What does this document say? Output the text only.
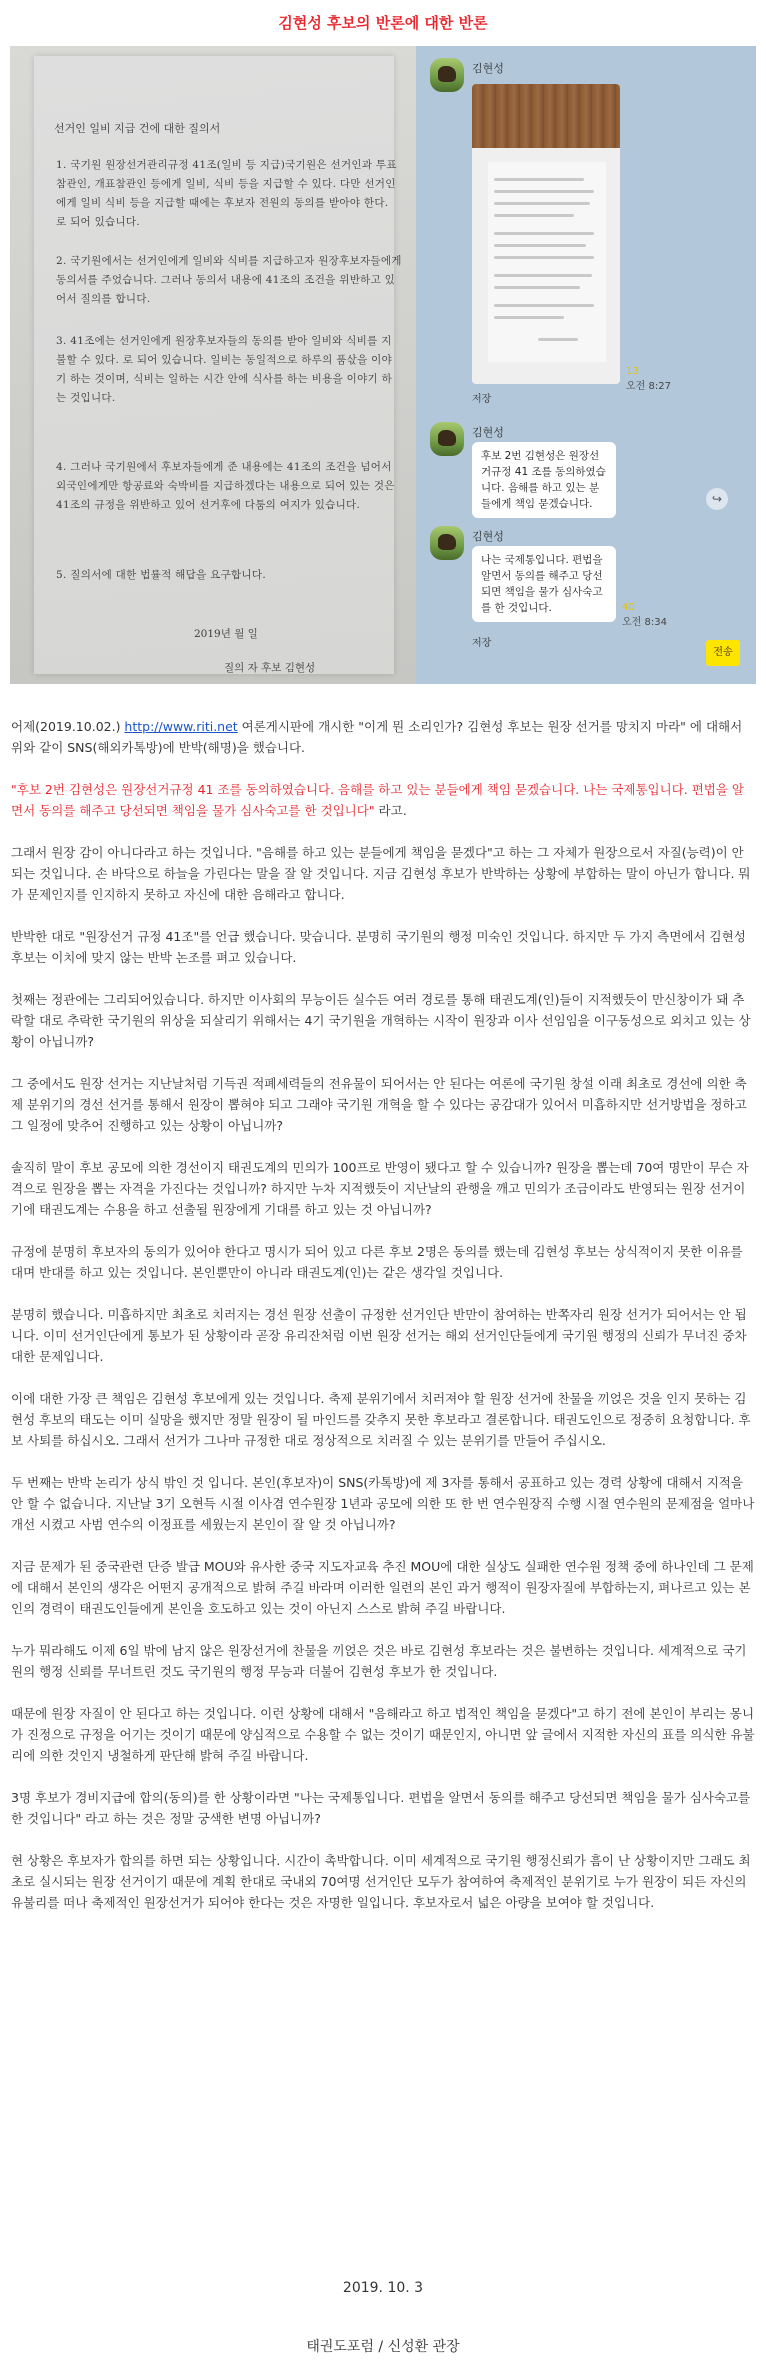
김현성 후보의 반론에 대한 반론
선거인 일비 지급 건에 대한 질의서
1. 국기원 원장선거관리규정 41조(일비 등 지급)국기원은 선거인과 투표참관인, 개표참관인 등에게 일비, 식비 등을 지급할 수 있다. 다만 선거인에게 일비 식비 등을 지급할 때에는 후보자 전원의 동의를 받아야 한다. 로 되어 있습니다.
2. 국기원에서는 선거인에게 일비와 식비를 지급하고자 원장후보자들에게 동의서를 주었습니다. 그러나 동의서 내용에 41조의 조건을 위반하고 있어서 질의를 합니다.
3. 41조에는 선거인에게 원장후보자들의 동의를 받아 일비와 식비를 지불할 수 있다. 로 되어 있습니다. 일비는 동일적으로 하루의 품삯을 이야기 하는 것이며, 식비는 일하는 시간 안에 식사를 하는 비용을 이야기 하는 것입니다.
4. 그러나 국기원에서 후보자들에게 준 내용에는 41조의 조건을 넘어서 외국인에게만 항공료와 숙박비를 지급하겠다는 내용으로 되어 있는 것은 41조의 규정을 위반하고 있어 선거후에 다툼의 여지가 있습니다.
5. 질의서에 대한 법률적 해답을 요구합니다.
2019년 월 일
질의 자 후보 김현성
김현성
13
오전 8:27
저장
김현성
후보 2번 김현성은 원장선거규정 41 조를 동의하였습니다. 음해를 하고 있는 분들에게 책임 묻겠습니다.	↪
김현성
나는 국제통입니다. 편법을 알면서 동의를 해주고 당선되면 책임을 물가 심사숙고를 한 것입니다.	40
오전 8:34
저장
전송

어제(2019.10.02.) http://www.riti.net 여론게시판에 개시한 "이게 뭔 소리인가? 김현성 후보는 원장 선거를 망치지 마라" 에 대해서 위와 같이 SNS(해외카톡방)에 반박(해명)을 했습니다.

"후보 2번 김현성은 원장선거규정 41 조를 동의하였습니다. 음해를 하고 있는 분들에게 책임 묻겠습니다. 나는 국제통입니다. 편법을 알면서 동의를 해주고 당선되면 책임을 물가 심사숙고를 한 것입니다" 라고.

그래서 원장 감이 아니다라고 하는 것입니다. "음해를 하고 있는 분들에게 책임을 묻겠다"고 하는 그 자체가 원장으로서 자질(능력)이 안 되는 것입니다. 손 바닥으로 하늘을 가린다는 말을 잘 알 것입니다. 지금 김현성 후보가 반박하는 상황에 부합하는 말이 아닌가 합니다. 뭐가 문제인지를 인지하지 못하고 자신에 대한 음해라고 합니다.

반박한 대로 "원장선거 규정 41조"를 언급 했습니다. 맞습니다. 분명히 국기원의 행정 미숙인 것입니다. 하지만 두 가지 측면에서 김현성 후보는 이치에 맞지 않는 반박 논조를 펴고 있습니다.

첫째는 정관에는 그리되어있습니다. 하지만 이사회의 무능이든 실수든 여러 경로를 통해 태권도계(인)들이 지적했듯이 만신창이가 돼 추락할 대로 추락한 국기원의 위상을 되살리기 위해서는 4기 국기원을 개혁하는 시작이 원장과 이사 선임임을 이구동성으로 외치고 있는 상황이 아닙니까?

그 중에서도 원장 선거는 지난날처럼 기득권 적폐세력들의 전유물이 되어서는 안 된다는 여론에 국기원 창설 이래 최초로 경선에 의한 축제 분위기의 경선 선거를 통해서 원장이 뽑혀야 되고 그래야 국기원 개혁을 할 수 있다는 공감대가 있어서 미흡하지만 선거방법을 정하고 그 일정에 맞추어 진행하고 있는 상황이 아닙니까?

솔직히 말이 후보 공모에 의한 경선이지 태권도계의 민의가 100프로 반영이 됐다고 할 수 있습니까? 원장을 뽑는데 70여 명만이 무슨 자격으로 원장을 뽑는 자격을 가진다는 것입니까? 하지만 누차 지적했듯이 지난날의 관행을 깨고 민의가 조금이라도 반영되는 원장 선거이기에 태권도계는 수용을 하고 선출될 원장에게 기대를 하고 있는 것 아닙니까?

규정에 분명히 후보자의 동의가 있어야 한다고 명시가 되어 있고 다른 후보 2명은 동의를 했는데 김현성 후보는 상식적이지 못한 이유를 대며 반대를 하고 있는 것입니다. 본인뿐만이 아니라 태권도계(인)는 같은 생각일 것입니다.

분명히 했습니다. 미흡하지만 최초로 치러지는 경선 원장 선출이 규정한 선거인단 반만이 참여하는 반쪽자리 원장 선거가 되어서는 안 됩니다. 이미 선거인단에게 통보가 된 상황이라 곧장 유리잔처럼 이번 원장 선거는 해외 선거인단들에게 국기원 행정의 신뢰가 무너진 중차대한 문제입니다.

이에 대한 가장 큰 책임은 김현성 후보에게 있는 것입니다. 축제 분위기에서 치러져야 할 원장 선거에 찬물을 끼얹은 것을 인지 못하는 김현성 후보의 태도는 이미 실망을 했지만 정말 원장이 될 마인드를 갖추지 못한 후보라고 결론합니다. 태권도인으로 정중히 요청합니다. 후보 사퇴를 하십시오. 그래서 선거가 그나마 규정한 대로 정상적으로 치러질 수 있는 분위기를 만들어 주십시오.

두 번째는 반박 논리가 상식 밖인 것 입니다. 본인(후보자)이 SNS(카톡방)에 제 3자를 통해서 공표하고 있는 경력 상황에 대해서 지적을 안 할 수 없습니다. 지난날 3기 오현득 시절 이사겸 연수원장 1년과 공모에 의한 또 한 번 연수원장직 수행 시절 연수원의 문제점을 얼마나 개선 시켰고 사범 연수의 이정표를 세웠는지 본인이 잘 알 것 아닙니까?

지금 문제가 된 중국관련 단증 발급 MOU와 유사한 중국 지도자교육 추진 MOU에 대한 실상도 실패한 연수원 정책 중에 하나인데 그 문제에 대해서 본인의 생각은 어떤지 공개적으로 밝혀 주길 바라며 이러한 일련의 본인 과거 행적이 원장자질에 부합하는지, 펴나르고 있는 본인의 경력이 태권도인들에게 본인을 호도하고 있는 것이 아닌지 스스로 밝혀 주길 바랍니다.

누가 뭐라해도 이제 6일 밖에 남지 않은 원장선거에 찬물을 끼얹은 것은 바로 김현성 후보라는 것은 불변하는 것입니다. 세계적으로 국기원의 행정 신뢰를 무너트린 것도 국기원의 행정 무능과 더불어 김현성 후보가 한 것입니다.

때문에 원장 자질이 안 된다고 하는 것입니다. 이런 상황에 대해서 "음해라고 하고 법적인 책임을 묻겠다"고 하기 전에 본인이 부리는 몽니가 진정으로 규정을 어기는 것이기 때문에 양심적으로 수용할 수 없는 것이기 때문인지, 아니면 앞 글에서 지적한 자신의 표를 의식한 유불리에 의한 것인지 냉철하게 판단해 밝혀 주길 바랍니다.

3명 후보가 경비지급에 합의(동의)를 한 상황이라면 "나는 국제통입니다. 편법을 알면서 동의를 해주고 당선되면 책임을 물가 심사숙고를 한 것입니다" 라고 하는 것은 정말 궁색한 변명 아닙니까?

현 상황은 후보자가 합의를 하면 되는 상황입니다. 시간이 촉박합니다. 이미 세계적으로 국기원 행정신뢰가 흠이 난 상황이지만 그래도 최초로 실시되는 원장 선거이기 때문에 계획 한대로 국내외 70여명 선거인단 모두가 참여하여 축제적인 분위기로 누가 원장이 되든 자신의 유불리를 떠나 축제적인 원장선거가 되어야 한다는 것은 자명한 일입니다. 후보자로서 넓은 아량을 보여야 할 것입니다.

2019. 10. 3
태권도포럼 / 신성환 관장
